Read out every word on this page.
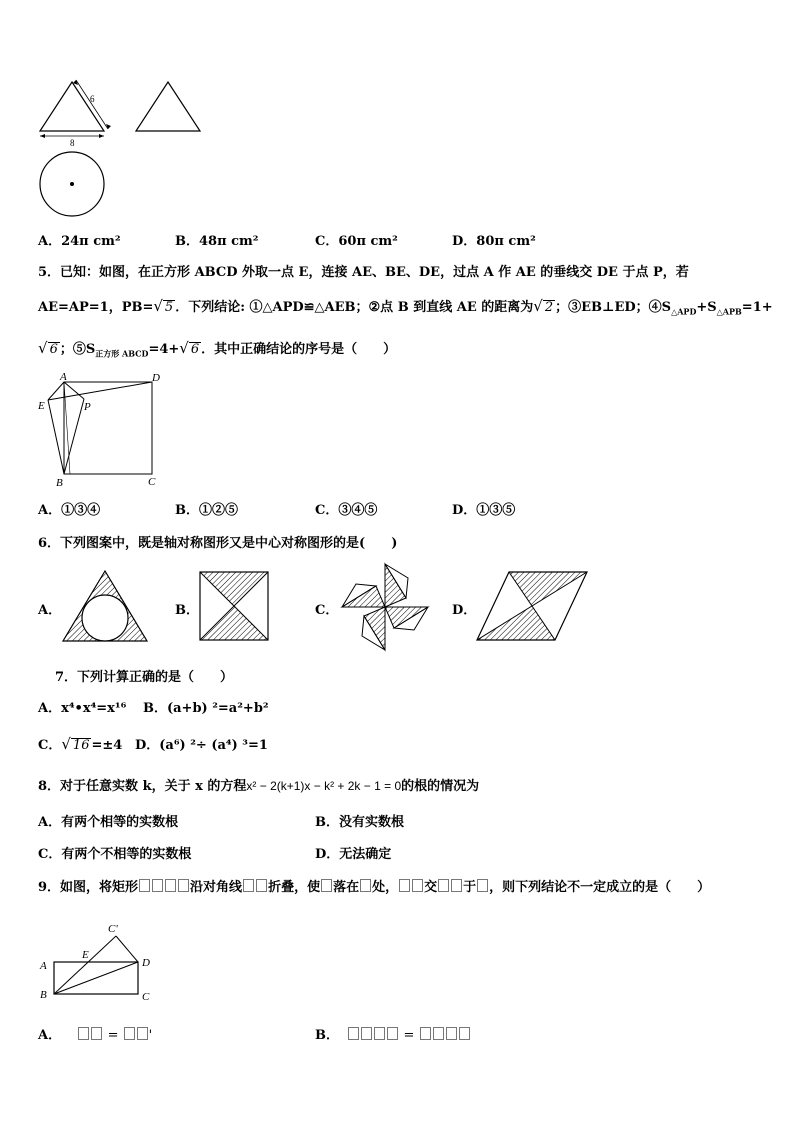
6
8
A．24π cm²	B．48π cm²	C．60π cm²	D．80π cm²
5．已知：如图，在正方形 ABCD 外取一点 E，连接 AE、BE、DE，过点 A 作 AE 的垂线交 DE 于点 P，若
AE=AP=1，PB=√ 5 ．下列结论: ①△APD≌△AEB；②点 B 到直线 AE 的距离为√ 2 ；③EB⊥ED；$④S_{\triangle APD}+S_{\triangle APB}=1+$
√ 6 ；$⑤S_{正方形 ABCD}=4+√$ 6 ．其中正确结论的序号是（　　）
A	D
E	P
B	C
A．①③④	B．①②⑤	C．③④⑤	D．①③⑤
6．下列图案中，既是轴对称图形又是中心对称图形的是(　　)
A．	B．	C．	D．
7．下列计算正确的是（　　）
A．x⁴•x⁴=x¹⁶ B．(a+b) ²=a²+b²
C．√ 16 =±4 D．(a⁶) ²÷ (a⁴) ³=1
8．对于任意实数 k，关于 x 的方程x² − 2(k+1)x − k² + 2k − 1 = 0的根的情况为
A．有两个相等的实数根	B．没有实数根
C．有两个不相等的实数根	D．无法确定
9．如图，将矩形	沿对角线 折叠，使 落在 处， 交 于 ，则下列结论不一定成立的是（　　）
C'
E
A	D
B	C
A．	= '	B．	=
